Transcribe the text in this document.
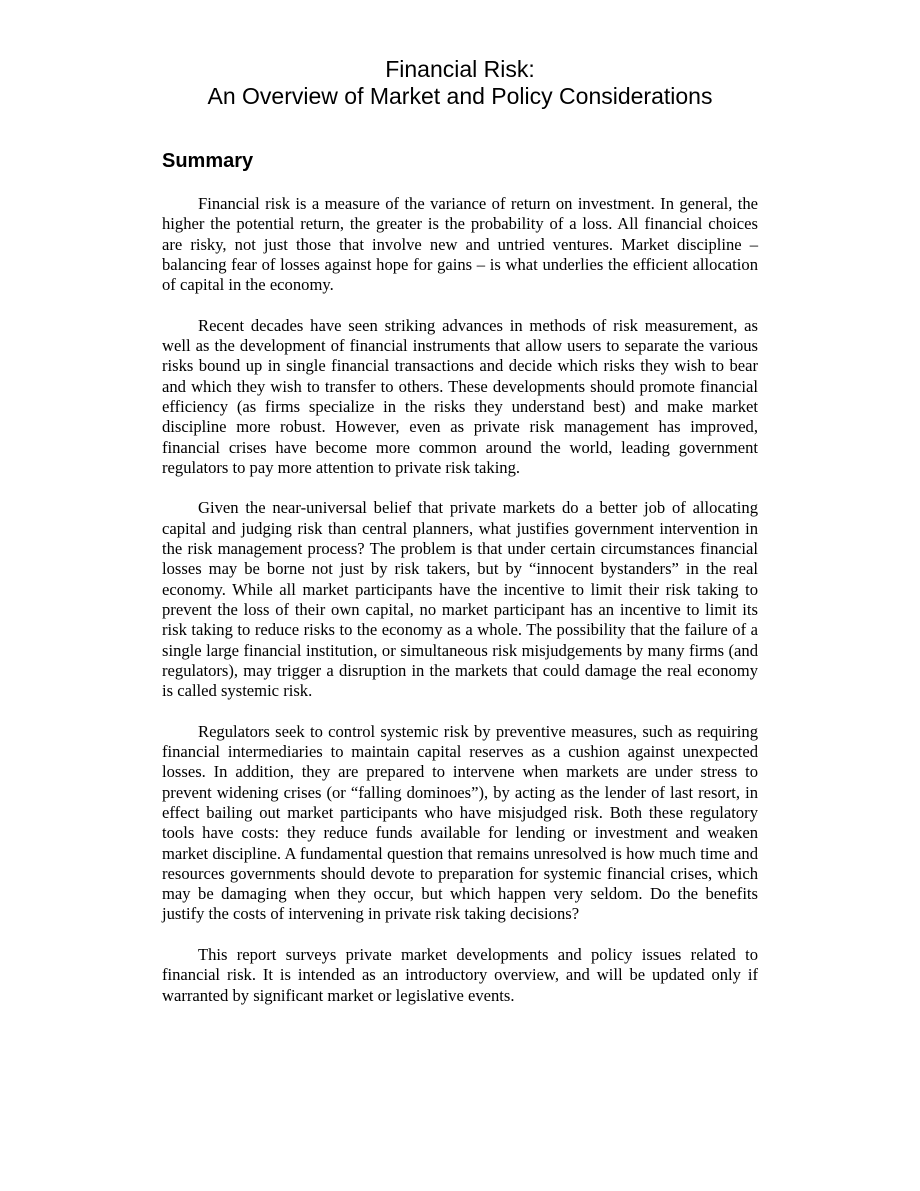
Financial Risk:
An Overview of Market and Policy Considerations
Summary

Financial risk is a measure of the variance of return on investment. In general, the higher the potential return, the greater is the probability of a loss. All financial choices are risky, not just those that involve new and untried ventures. Market discipline – balancing fear of losses against hope for gains – is what underlies the efficient allocation of capital in the economy.

Recent decades have seen striking advances in methods of risk measurement, as well as the development of financial instruments that allow users to separate the various risks bound up in single financial transactions and decide which risks they wish to bear and which they wish to transfer to others. These developments should promote financial efficiency (as firms specialize in the risks they understand best) and make market discipline more robust. However, even as private risk management has improved, financial crises have become more common around the world, leading government regulators to pay more attention to private risk taking.

Given the near-universal belief that private markets do a better job of allocating capital and judging risk than central planners, what justifies government intervention in the risk management process? The problem is that under certain circumstances financial losses may be borne not just by risk takers, but by “innocent bystanders” in the real economy. While all market participants have the incentive to limit their risk taking to prevent the loss of their own capital, no market participant has an incentive to limit its risk taking to reduce risks to the economy as a whole. The possibility that the failure of a single large financial institution, or simultaneous risk misjudgements by many firms (and regulators), may trigger a disruption in the markets that could damage the real economy is called systemic risk.

Regulators seek to control systemic risk by preventive measures, such as requiring financial intermediaries to maintain capital reserves as a cushion against unexpected losses. In addition, they are prepared to intervene when markets are under stress to prevent widening crises (or “falling dominoes”), by acting as the lender of last resort, in effect bailing out market participants who have misjudged risk. Both these regulatory tools have costs: they reduce funds available for lending or investment and weaken market discipline. A fundamental question that remains unresolved is how much time and resources governments should devote to preparation for systemic financial crises, which may be damaging when they occur, but which happen very seldom. Do the benefits justify the costs of intervening in private risk taking decisions?

This report surveys private market developments and policy issues related to financial risk. It is intended as an introductory overview, and will be updated only if warranted by significant market or legislative events.
